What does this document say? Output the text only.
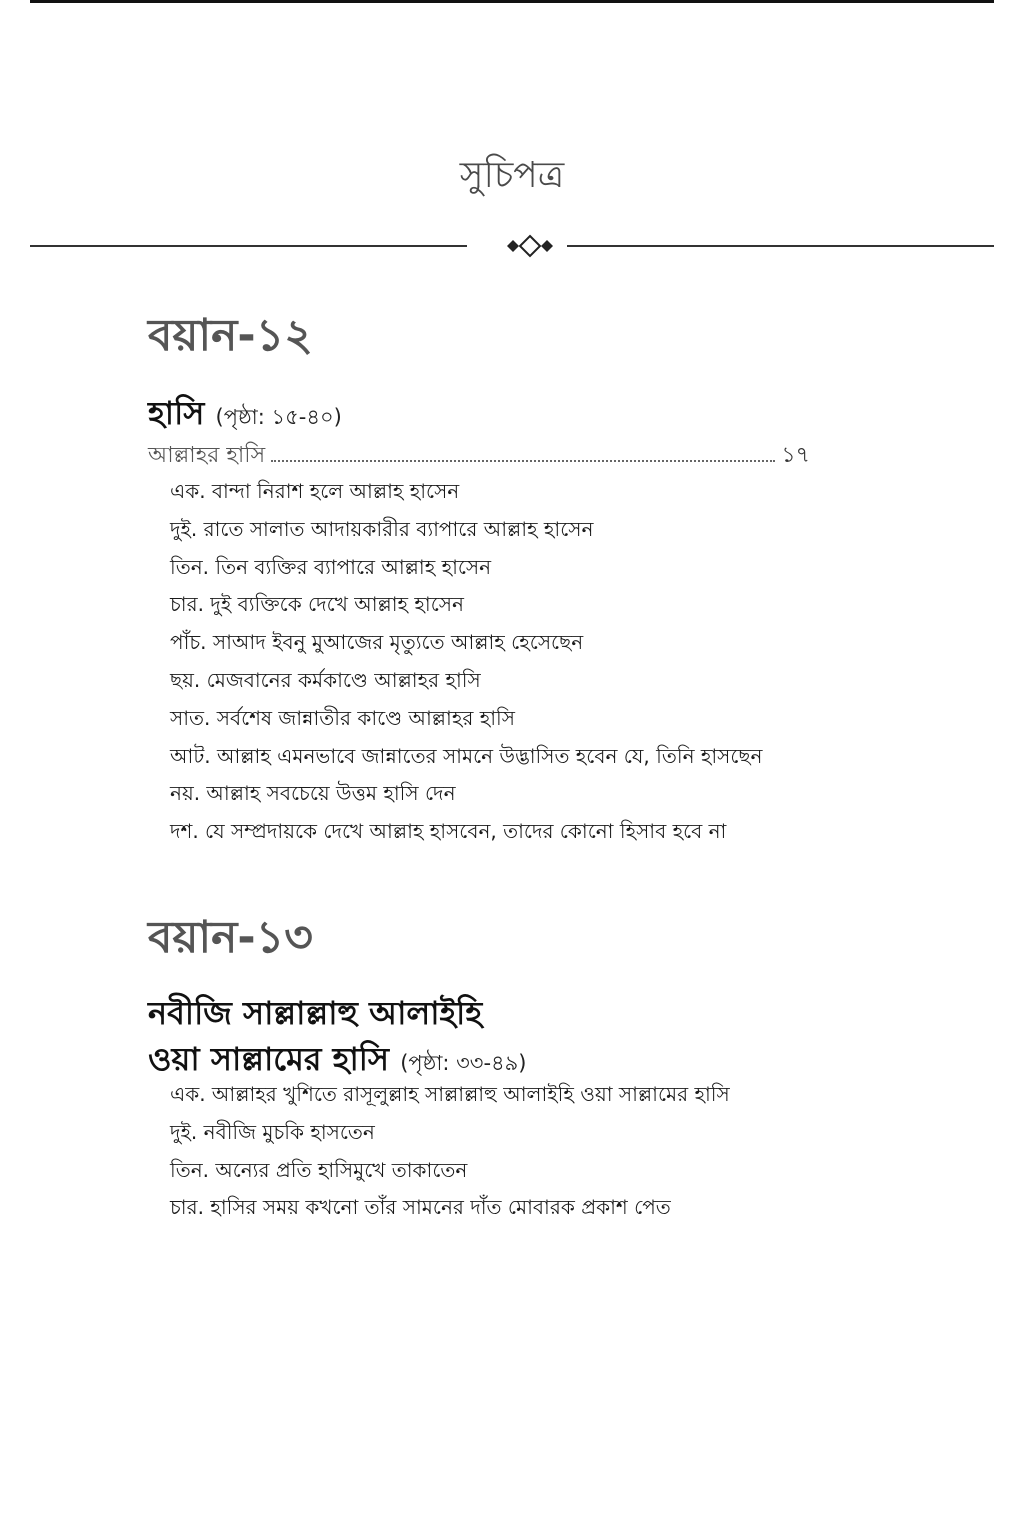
সুচিপত্র
বয়ান-১২
হাসি (পৃষ্ঠা: ১৫-৪০)
আল্লাহর হাসি	১৭
এক. বান্দা নিরাশ হলে আল্লাহ হাসেন
দুই. রাতে সালাত আদায়কারীর ব্যাপারে আল্লাহ হাসেন
তিন. তিন ব্যক্তির ব্যাপারে আল্লাহ হাসেন
চার. দুই ব্যক্তিকে দেখে আল্লাহ হাসেন
পাঁচ. সাআদ ইবনু মুআজের মৃত্যুতে আল্লাহ হেসেছেন
ছয়. মেজবানের কর্মকাণ্ডে আল্লাহর হাসি
সাত. সর্বশেষ জান্নাতীর কাণ্ডে আল্লাহর হাসি
আট. আল্লাহ এমনভাবে জান্নাতের সামনে উদ্ভাসিত হবেন যে, তিনি হাসছেন
নয়. আল্লাহ সবচেয়ে উত্তম হাসি দেন
দশ. যে সম্প্রদায়কে দেখে আল্লাহ হাসবেন, তাদের কোনো হিসাব হবে না
বয়ান-১৩
নবীজি সাল্লাল্লাহু আলাইহি
ওয়া সাল্লামের হাসি (পৃষ্ঠা: ৩৩-৪৯)
এক. আল্লাহর খুশিতে রাসূলুল্লাহ সাল্লাল্লাহু আলাইহি ওয়া সাল্লামের হাসি
দুই. নবীজি মুচকি হাসতেন
তিন. অন্যের প্রতি হাসিমুখে তাকাতেন
চার. হাসির সময় কখনো তাঁর সামনের দাঁত মোবারক প্রকাশ পেত
